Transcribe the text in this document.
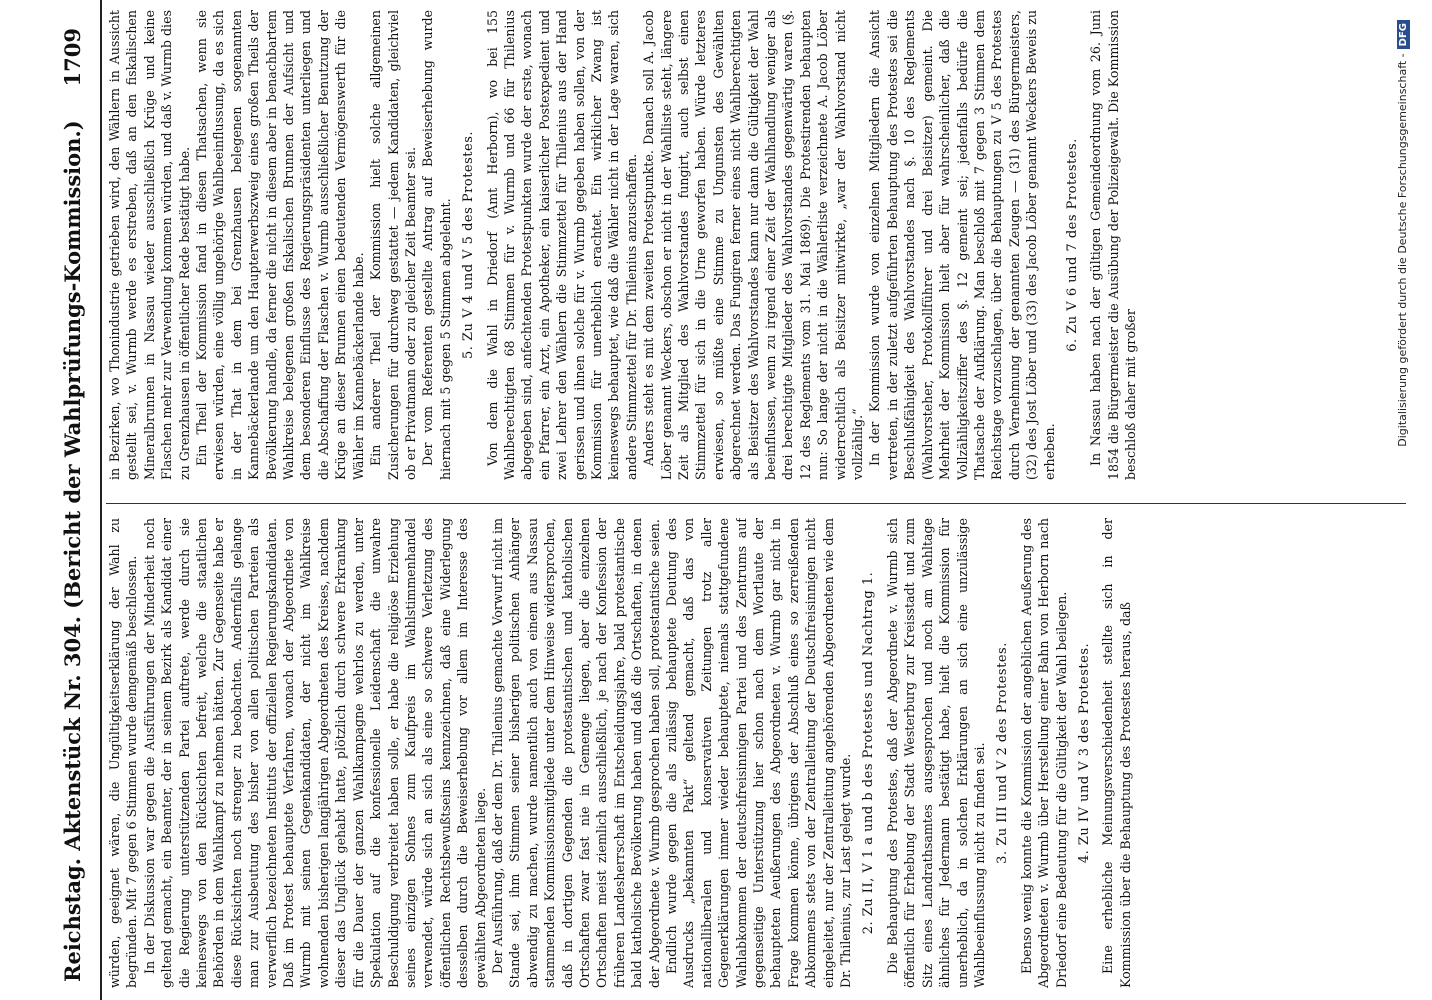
Reichstag. Aktenstück Nr. 304. (Bericht der Wahlprüfungs-Kommission.)
1709

würden, geeignet wären, die Ungültigkeitserklärung der Wahl zu begründen. Mit 7 gegen 6 Stimmen wurde demgemäß beschlossen. In der Diskussion war gegen die Ausführungen der Minderheit noch geltend gemacht, ein Beamter, der in seinem Bezirk als Kandidat einer die Regierung unterstützenden Partei auftrete, werde durch sie keineswegs von den Rücksichten befreit, welche die staatlichen Behörden in dem Wahlkampf zu nehmen hätten. Zur Gegenseite habe er diese Rücksichten noch strenger zu beobachten. Andernfalls gelange man zur Ausbeutung des bisher von allen politischen Parteien als verwerflich bezeichneten Instituts der offiziellen Regierungskandidaten. Daß im Protest behauptete Verfahren, wonach der Abgeordnete von Wurmb mit seinen Gegenkandidaten, der nicht im Wahlkreise wohnenden bisherigen langjährigen Abgeordneten des Kreises, nachdem dieser das Unglück gehabt hatte, plötzlich durch schwere Erkrankung für die Dauer der ganzen Wahlkampagne wehrlos zu werden, unter Spekulation auf die konfessionelle Leidenschaft die unwahre Beschuldigung verbreitet haben solle, er habe die religiöse Erziehung seines einzigen Sohnes zum Kaufpreis im Wahlstimmenhandel verwendet, würde sich an sich als eine so schwere Verletzung des öffentlichen Rechtsbewußtseins kennzeichnen, daß eine Widerlegung desselben durch die Beweiserhebung vor allem im Interesse des gewählten Abgeordneten liege. Der Ausführung, daß der dem Dr. Thilenius gemachte Vorwurf nicht im Stande sei, ihm Stimmen seiner bisherigen politischen Anhänger abwendig zu machen, wurde namentlich auch von einem aus Nassau stammenden Kommissionsmitgliede unter dem Hinweise widersprochen, daß in dortigen Gegenden die protestantischen und katholischen Ortschaften zwar fast nie in Gemenge liegen, aber die einzelnen Ortschaften meist ziemlich ausschließlich, je nach der Konfession der früheren Landesherrschaft im Entscheidungsjahre, bald protestantische bald katholische Bevölkerung haben und daß die Ortschaften, in denen der Abgeordnete v. Wurmb gesprochen haben soll, protestantische seien. Endlich wurde gegen die als zulässig behauptete Deutung des Ausdrucks „bekannten Pakt“ geltend gemacht, daß das von nationalliberalen und konservativen Zeitungen trotz aller Gegenerklärungen immer wieder behauptete, niemals stattgefundene Wahlabkommen der deutschfreisinnigen Partei und des Zentrums auf gegenseitige Unterstützung hier schon nach dem Wortlaute der behaupteten Aeußerungen des Abgeordneten v. Wurmb gar nicht in Frage kommen könne, übrigens der Abschluß eines so zerreißenden Abkommens stets von der Zentralleitung der Deutschfreisinnigen nicht eingeleitet, nur der Zentralleitung angehörenden Abgeordneten wie dem Dr. Thilenius, zur Last gelegt wurde. 2. Zu II, V 1 a und b des Protestes und Nachtrag 1. Die Behauptung des Protestes, daß der Abgeordnete v. Wurmb sich öffentlich für Erhebung der Stadt Westerburg zur Kreisstadt und zum Sitz eines Landrathsamtes ausgesprochen und noch am Wahltage ähnliches für Jedermann bestätigt habe, hielt die Kommission für unerheblich, da in solchen Erklärungen an sich eine unzulässige Wahlbeeinflussung nicht zu finden sei. 3. Zu III und V 2 des Protestes. Ebenso wenig konnte die Kommission der angeblichen Aeußerung des Abgeordneten v. Wurmb über Herstellung einer Bahn von Herborn nach Driedorf eine Bedeutung für die Gültigkeit der Wahl beilegen. 4. Zu IV und V 3 des Protestes. Eine erhebliche Meinungsverschiedenheit stellte sich in der Kommission über die Behauptung des Protestes heraus, daß

in Bezirken, wo Thonindustrie getrieben wird, den Wählern in Aussicht gestellt sei, v. Wurmb werde es erstreben, daß an den fiskalischen Mineralbrunnen in Nassau wieder ausschließlich Krüge und keine Flaschen mehr zur Verwendung kommen würden, und daß v. Wurmb dies zu Grenzhausen in öffentlicher Rede bestätigt habe. Ein Theil der Kommission fand in diesen Thatsachen, wenn sie erwiesen würden, eine völlig ungehörige Wahlbeeinflussung, da es sich in der That in dem bei Grenzhausen belegenen sogenannten Kannebäckerlande um den Haupterwerbszweig eines großen Theils der Bevölkerung handle, da ferner die nicht in diesem aber in benachbartem Wahlkreise belegenen großen fiskalischen Brunnen der Aufsicht und dem besonderen Einflusse des Regierungspräsidenten unterliegen und die Abschaffung der Flaschen v. Wurmb ausschließlicher Benutzung der Krüge an dieser Brunnen einen bedeutenden Vermögenswerth für die Wähler im Kannebäckerlande habe. Ein anderer Theil der Kommission hielt solche allgemeinen Zusicherungen für durchweg gestattet — jedem Kandidaten, gleichviel ob er Privatmann oder zu gleicher Zeit Beamter sei. Der vom Referenten gestellte Antrag auf Beweiserhebung wurde hiernach mit 5 gegen 5 Stimmen abgelehnt. 5. Zu V 4 und V 5 des Protestes. Von dem die Wahl in Driedorf (Amt Herborn), wo bei 155 Wahlberechtigten 68 Stimmen für v. Wurmb und 66 für Thilenius abgegeben sind, anfechtenden Protestpunkten wurde der erste, wonach ein Pfarrer, ein Arzt, ein Apotheker, ein kaiserlicher Postexpedient und zwei Lehrer den Wählern die Stimmzettel für Thilenius aus der Hand gerissen und ihnen solche für v. Wurmb gegeben haben sollen, von der Kommission für unerheblich erachtet. Ein wirklicher Zwang ist keineswegs behauptet, wie daß die Wähler nicht in der Lage waren, sich andere Stimmzettel für Dr. Thilenius anzuschaffen. Anders steht es mit dem zweiten Protestpunkte. Danach soll A. Jacob Löber genannt Weckers, obschon er nicht in der Wahlliste steht, längere Zeit als Mitglied des Wahlvorstandes fungirt, auch selbst einen Stimmzettel für sich in die Urne geworfen haben. Würde letzteres erwiesen, so müßte eine Stimme zu Ungunsten des Gewählten abgerechnet werden. Das Fungiren ferner eines nicht Wahlberechtigten als Beisitzer des Wahlvorstandes kann nur dann die Gültigkeit der Wahl beeinflussen, wenn zu irgend einer Zeit der Wahlhandlung weniger als drei berechtigte Mitglieder des Wahlvorstandes gegenwärtig waren (§. 12 des Reglements vom 31. Mai 1869). Die Protestirenden behaupten nun: So lange der nicht in die Wählerliste verzeichnete A. Jacob Löber widerrechtlich als Beisitzer mitwirkte, „war der Wahlvorstand nicht vollzählig.“ In der Kommission wurde von einzelnen Mitgliedern die Ansicht vertreten, in der zuletzt aufgeführten Behauptung des Protestes sei die Beschlußfähigkeit des Wahlvorstandes nach §. 10 des Reglements (Wahlvorsteher, Protokollführer und drei Beisitzer) gemeint. Die Mehrheit der Kommission hielt aber für wahrscheinlicher, daß die Vollzähligkeitsziffer des §. 12 gemeint sei; jedenfalls bedürfe die Thatsache der Aufklärung. Man beschloß mit 7 gegen 3 Stimmen dem Reichstage vorzuschlagen, über die Behauptungen zu V 5 des Protestes durch Vernehmung der genannten Zeugen — (31) des Bürgermeisters, (32) des Jost Löber und (33) des Jacob Löber genannt Weckers Beweis zu erheben.

6. Zu V 6 und 7 des Protestes. In Nassau haben nach der gültigen Gemeindeordnung vom 26. Juni 1854 die Bürgermeister die Ausübung der Polizeigewalt. Die Kommission beschloß daher mit großer	Digitalisierung gefördert durch die Deutsche Forschungsgemeinschaft -DFG
